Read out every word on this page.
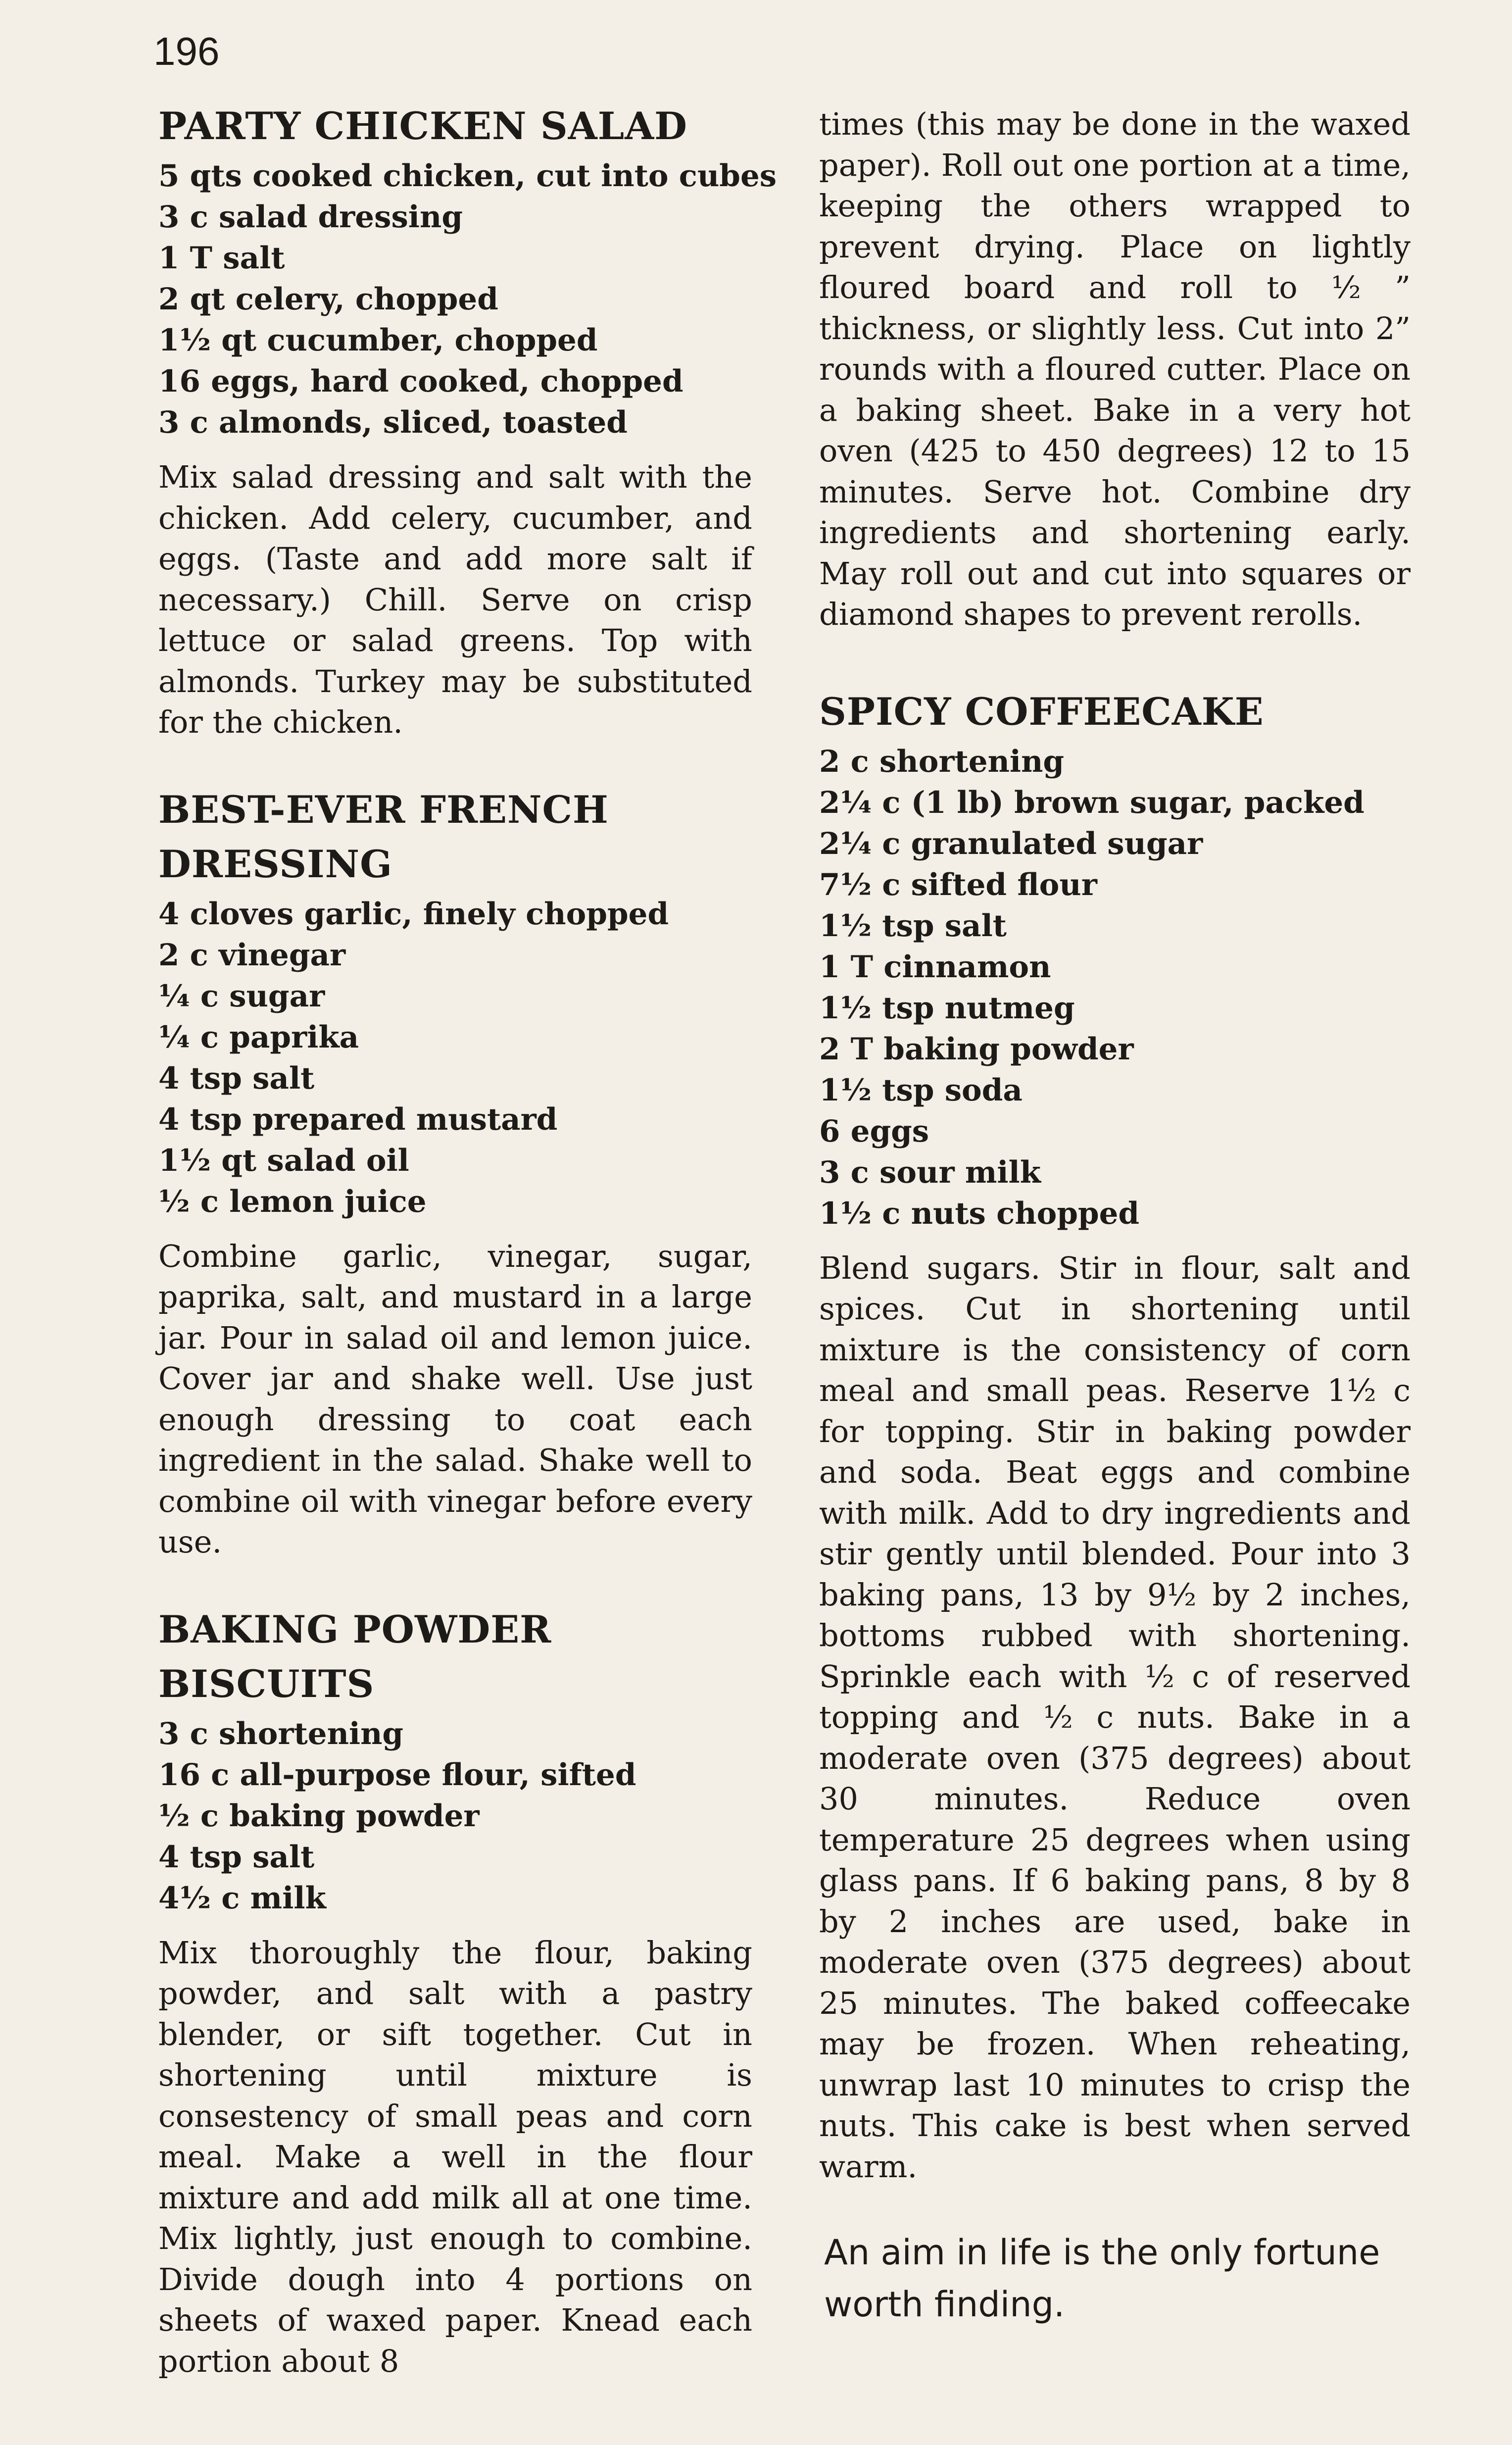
196
PARTY CHICKEN SALAD
5 qts cooked chicken, cut into cubes
3 c salad dressing
1 T salt
2 qt celery, chopped
1½ qt cucumber, chopped
16 eggs, hard cooked, chopped
3 c almonds, sliced, toasted

Mix salad dressing and salt with the chicken. Add celery, cucumber, and eggs. (Taste and add more salt if necessary.) Chill. Serve on crisp lettuce or salad greens. Top with almonds. Turkey may be substituted for the chicken.

BEST-EVER FRENCH DRESSING
4 cloves garlic, finely chopped
2 c vinegar
¼ c sugar
¼ c paprika
4 tsp salt
4 tsp prepared mustard
1½ qt salad oil
½ c lemon juice

Combine garlic, vinegar, sugar, paprika, salt, and mustard in a large jar. Pour in salad oil and lemon juice. Cover jar and shake well. Use just enough dressing to coat each ingredient in the salad. Shake well to combine oil with vinegar before every use.

BAKING POWDER BISCUITS
3 c shortening
16 c all-purpose flour, sifted
½ c baking powder
4 tsp salt
4½ c milk

Mix thoroughly the flour, baking powder, and salt with a pastry blender, or sift together. Cut in shortening until mixture is consestency of small peas and corn meal. Make a well in the flour mixture and add milk all at one time. Mix lightly, just enough to combine. Divide dough into 4 portions on sheets of waxed paper. Knead each portion about 8

times (this may be done in the waxed paper). Roll out one portion at a time, keeping the others wrapped to prevent drying. Place on lightly floured board and roll to ½ ” thickness, or slightly less. Cut into 2” rounds with a floured cutter. Place on a baking sheet. Bake in a very hot oven (425 to 450 degrees) 12 to 15 minutes. Serve hot. Combine dry ingredients and shortening early. May roll out and cut into squares or diamond shapes to prevent rerolls.

SPICY COFFEECAKE
2 c shortening
2¼ c (1 lb) brown sugar, packed
2¼ c granulated sugar
7½ c sifted flour
1½ tsp salt
1 T cinnamon
1½ tsp nutmeg
2 T baking powder
1½ tsp soda
6 eggs
3 c sour milk
1½ c nuts chopped

Blend sugars. Stir in flour, salt and spices. Cut in shortening until mixture is the consistency of corn meal and small peas. Reserve 1½ c for topping. Stir in baking powder and soda. Beat eggs and combine with milk. Add to dry ingredients and stir gently until blended. Pour into 3 baking pans, 13 by 9½ by 2 inches, bottoms rubbed with shortening. Sprinkle each with ½ c of reserved topping and ½ c nuts. Bake in a moderate oven (375 degrees) about 30 minutes. Reduce oven temperature 25 degrees when using glass pans. If 6 baking pans, 8 by 8 by 2 inches are used, bake in moderate oven (375 degrees) about 25 minutes. The baked coffeecake may be frozen. When reheating, unwrap last 10 minutes to crisp the nuts. This cake is best when served warm.

An aim in life is the only fortune worth finding.
